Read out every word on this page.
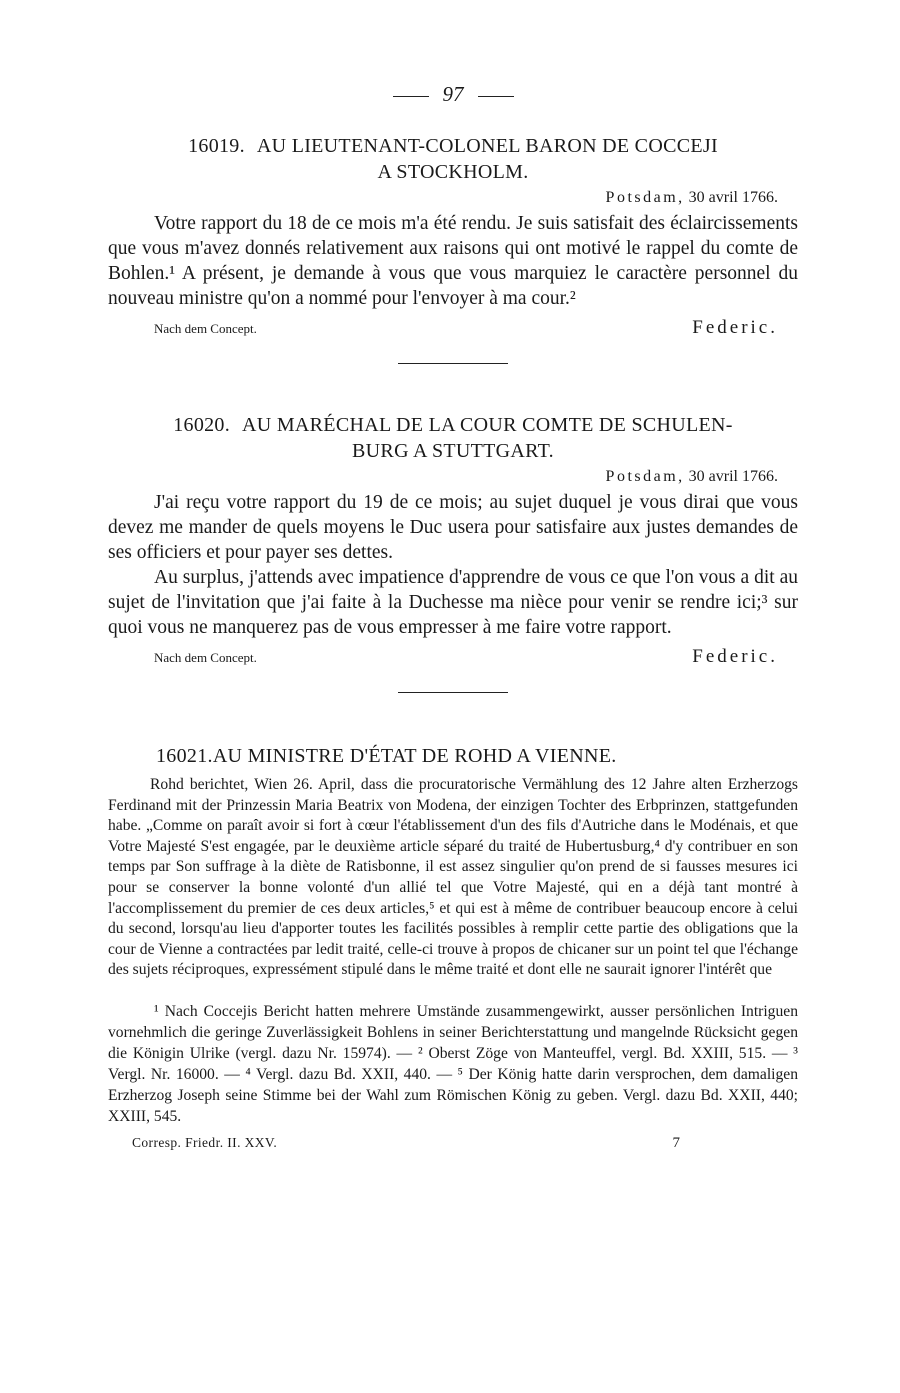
97
16019. AU LIEUTENANT-COLONEL BARON DE COCCEJI
A STOCKHOLM.
Potsdam, 30 avril 1766.

Votre rapport du 18 de ce mois m'a été rendu. Je suis satisfait des éclaircissements que vous m'avez donnés relativement aux raisons qui ont motivé le rappel du comte de Bohlen.¹ A présent, je demande à vous que vous marquiez le caractère personnel du nouveau ministre qu'on a nommé pour l'envoyer à ma cour.²

Nach dem Concept.	Federic.
16020. AU MARÉCHAL DE LA COUR COMTE DE SCHULEN-
BURG A STUTTGART.
Potsdam, 30 avril 1766.

J'ai reçu votre rapport du 19 de ce mois; au sujet duquel je vous dirai que vous devez me mander de quels moyens le Duc usera pour satisfaire aux justes demandes de ses officiers et pour payer ses dettes.

Au surplus, j'attends avec impatience d'apprendre de vous ce que l'on vous a dit au sujet de l'invitation que j'ai faite à la Duchesse ma nièce pour venir se rendre ici;³ sur quoi vous ne manquerez pas de vous empresser à me faire votre rapport.

Nach dem Concept.	Federic.
16021.AU MINISTRE D'ÉTAT DE ROHD A VIENNE.

Rohd berichtet, Wien 26. April, dass die procuratorische Vermählung des 12 Jahre alten Erzherzogs Ferdinand mit der Prinzessin Maria Beatrix von Modena, der einzigen Tochter des Erbprinzen, stattgefunden habe. „Comme on paraît avoir si fort à cœur l'établissement d'un des fils d'Autriche dans le Modénais, et que Votre Majesté S'est engagée, par le deuxième article séparé du traité de Hubertusburg,⁴ d'y contribuer en son temps par Son suffrage à la diète de Ratisbonne, il est assez singulier qu'on prend de si fausses mesures ici pour se conserver la bonne volonté d'un allié tel que Votre Majesté, qui en a déjà tant montré à l'accomplissement du premier de ces deux articles,⁵ et qui est à même de contribuer beaucoup encore à celui du second, lorsqu'au lieu d'apporter toutes les facilités possibles à remplir cette partie des obligations que la cour de Vienne a contractées par ledit traité, celle-ci trouve à propos de chicaner sur un point tel que l'échange des sujets réciproques, expressément stipulé dans le même traité et dont elle ne saurait ignorer l'intérêt que

¹ Nach Coccejis Bericht hatten mehrere Umstände zusammengewirkt, ausser persönlichen Intriguen vornehmlich die geringe Zuverlässigkeit Bohlens in seiner Berichterstattung und mangelnde Rücksicht gegen die Königin Ulrike (vergl. dazu Nr. 15974). — ² Oberst Zöge von Manteuffel, vergl. Bd. XXIII, 515. — ³ Vergl. Nr. 16000. — ⁴ Vergl. dazu Bd. XXII, 440. — ⁵ Der König hatte darin versprochen, dem damaligen Erzherzog Joseph seine Stimme bei der Wahl zum Römischen König zu geben. Vergl. dazu Bd. XXII, 440; XXIII, 545.

Corresp. Friedr. II. XXV.	7
